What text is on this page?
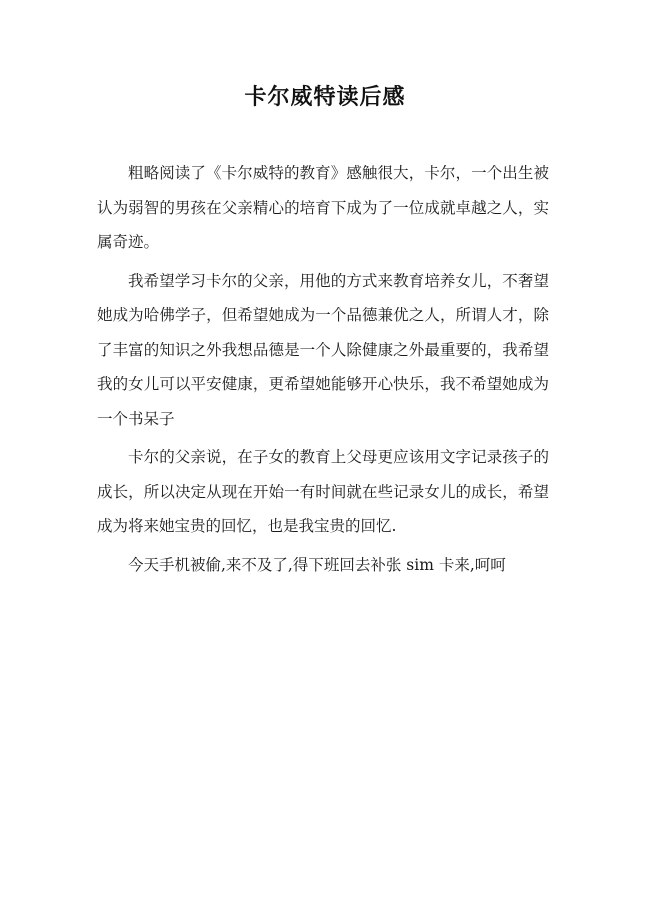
卡尔威特读后感

粗略阅读了《卡尔威特的教育》感触很大，卡尔，一个出生被认为弱智的男孩在父亲精心的培育下成为了一位成就卓越之人，实属奇迹。

我希望学习卡尔的父亲，用他的方式来教育培养女儿，不奢望她成为哈佛学子，但希望她成为一个品德兼优之人，所谓人才，除了丰富的知识之外我想品德是一个人除健康之外最重要的，我希望我的女儿可以平安健康，更希望她能够开心快乐，我不希望她成为一个书呆子

卡尔的父亲说，在子女的教育上父母更应该用文字记录孩子的成长，所以决定从现在开始一有时间就在些记录女儿的成长，希望成为将来她宝贵的回忆，也是我宝贵的回忆.

今天手机被偷,来不及了,得下班回去补张 sim 卡来,呵呵
